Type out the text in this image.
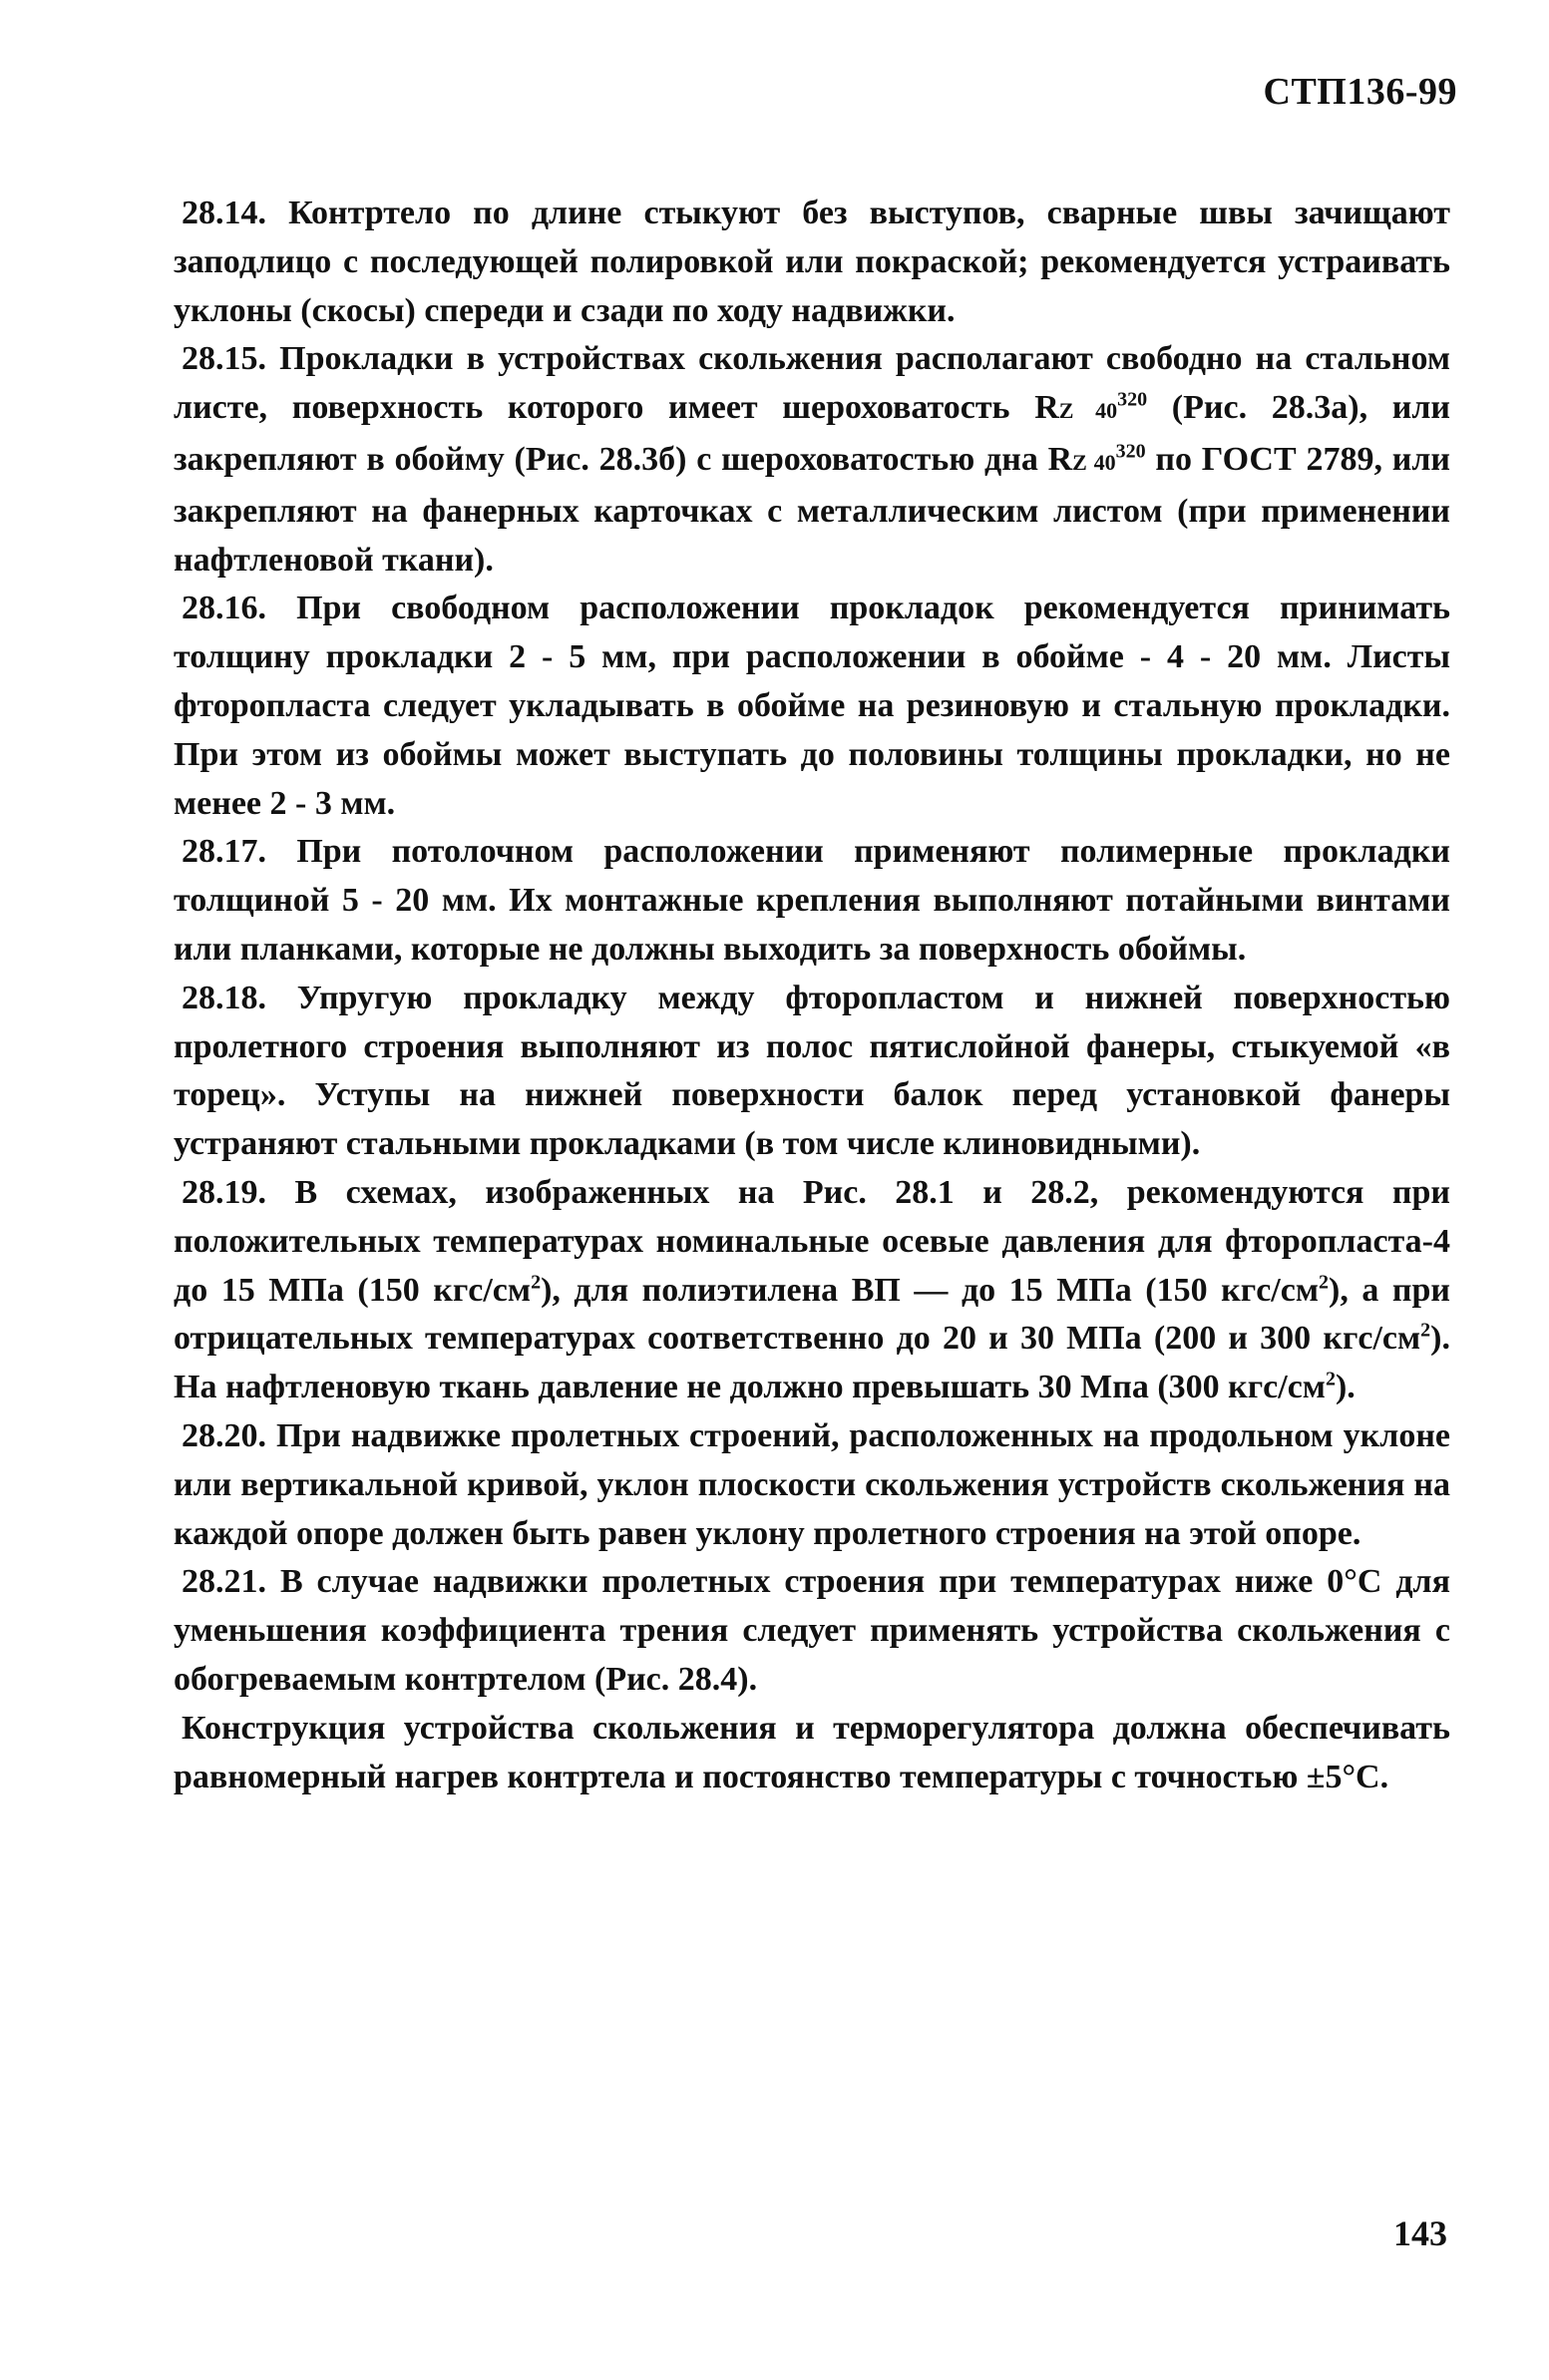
СТП136-99

28.14. Контртело по длине стыкуют без выступов, сварные швы зачищают заподлицо с последующей полировкой или покраской; рекомендуется устраивать уклоны (скосы) спереди и сзади по ходу надвижки.

28.15. Прокладки в устройствах скольжения располагают свободно на стальном листе, поверхность которого имеет шероховатость RZ $40^{320}$ (Рис. 28.3а), или закрепляют в обойму (Рис. 28.3б) с шероховатостью дна RZ $40^{320}$ по ГОСТ 2789, или закрепляют на фанерных карточках с металлическим листом (при применении нафтленовой ткани).

28.16. При свободном расположении прокладок рекомендуется принимать толщину прокладки 2 - 5 мм, при расположении в обойме - 4 - 20 мм. Листы фторопласта следует укладывать в обойме на резиновую и стальную прокладки. При этом из обоймы может выступать до половины толщины прокладки, но не менее 2 - 3 мм.

28.17. При потолочном расположении применяют полимерные прокладки толщиной 5 - 20 мм. Их монтажные крепления выполняют потайными винтами или планками, которые не должны выходить за поверхность обоймы.

28.18. Упругую прокладку между фторопластом и нижней поверхностью пролетного строения выполняют из полос пятислойной фанеры, стыкуемой «в торец». Уступы на нижней поверхности балок перед установкой фанеры устраняют стальными прокладками (в том числе клиновидными).

28.19. В схемах, изображенных на Рис. 28.1 и 28.2, рекомендуются при положительных температурах номинальные осевые давления для фторопласта-4 до 15 МПа (150 кгс/$см^2$), для полиэтилена ВП — до 15 МПа (150 кгс/$см^2$), а при отрицательных температурах соответственно до 20 и 30 МПа (200 и 300 кгс/$см^2$). На нафтленовую ткань давление не должно превышать 30 Мпа (300 кгс/$см^2$).

28.20. При надвижке пролетных строений, расположенных на продольном уклоне или вертикальной кривой, уклон плоскости скольжения устройств скольжения на каждой опоре должен быть равен уклону пролетного строения на этой опоре.

28.21. В случае надвижки пролетных строения при температурах ниже 0°С для уменьшения коэффициента трения следует применять устройства скольжения с обогреваемым контртелом (Рис. 28.4).

Конструкция устройства скольжения и терморегулятора должна обеспечивать равномерный нагрев контртела и постоянство температуры с точностью ±5°С.

143
